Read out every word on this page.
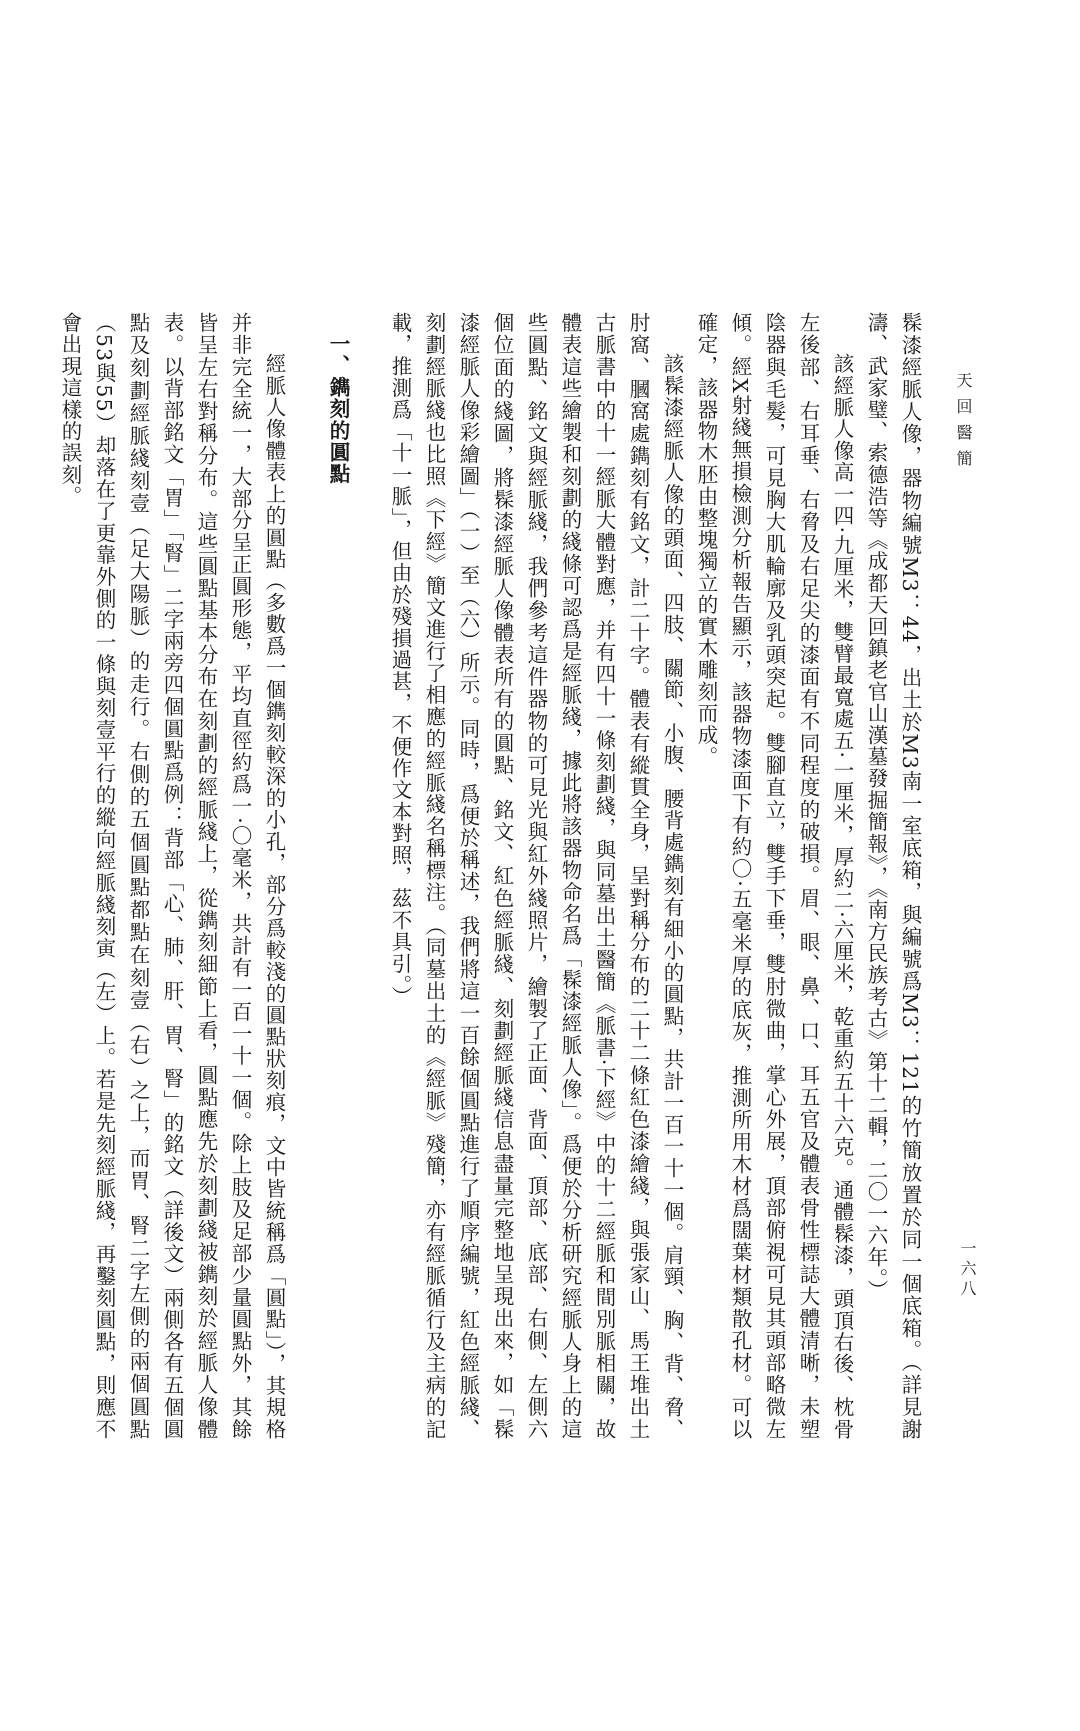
天回醫簡

髹漆經脈人像，器物編號M3：44，出土於M3南一室底箱，與編號爲M3：121的竹簡放置於同一個底箱。（詳見謝濤、武家璧、索德浩等《成都天回鎮老官山漢墓發掘簡報》，《南方民族考古》第十二輯，二〇一六年。）

該經脈人像高一四·九厘米，雙臂最寬處五·一厘米，厚約二·六厘米，乾重約五十六克。通體髹漆，頭頂右後、枕骨左後部、右耳垂、右脅及右足尖的漆面有不同程度的破損。眉、眼、鼻、口、耳五官及體表骨性標誌大體清晰，未塑陰器與毛髮，可見胸大肌輪廓及乳頭突起。雙腳直立，雙手下垂，雙肘微曲，掌心外展，頂部俯視可見其頭部略微左傾。經X射綫無損檢測分析報告顯示，該器物漆面下有約〇·五毫米厚的底灰，推測所用木材爲闊葉材類散孔材。可以確定，該器物木胚由整塊獨立的實木雕刻而成。

該髹漆經脈人像的頭面、四肢、關節、小腹、腰背處鐫刻有細小的圓點，共計一百一十一個。肩頸、胸、背、脅、肘窩、膕窩處鐫刻有銘文，計二十字。體表有縱貫全身，呈對稱分布的二十二條紅色漆繪綫，與張家山、馬王堆出土古脈書中的十一經脈大體對應，并有四十一條刻劃綫，與同墓出土醫簡《脈書·下經》中的十二經脈和間別脈相關，故體表這些繪製和刻劃的綫條可認爲是經脈綫，據此將該器物命名爲「髹漆經脈人像」。爲便於分析研究經脈人身上的這些圓點、銘文與經脈綫，我們參考這件器物的可見光與紅外綫照片，繪製了正面、背面、頂部、底部、右側、左側六個位面的綫圖，將髹漆經脈人像體表所有的圓點、銘文、紅色經脈綫、刻劃經脈綫信息盡量完整地呈現出來，如「髹漆經脈人像彩繪圖」（一）至（六）所示。同時，爲便於稱述，我們將這一百餘個圓點進行了順序編號，紅色經脈綫、刻劃經脈綫也比照《下經》簡文進行了相應的經脈綫名稱標注。（同墓出土的《經脈》殘簡，亦有經脈循行及主病的記載，推測爲「十一脈」，但由於殘損過甚，不便作文本對照，茲不具引。）

一、鐫刻的圓點

經脈人像體表上的圓點（多數爲一個鐫刻較深的小孔，部分爲較淺的圓點狀刻痕，文中皆統稱爲「圓點」），其規格并非完全統一，大部分呈正圓形態，平均直徑約爲一·〇毫米，共計有一百一十一個。除上肢及足部少量圓點外，其餘皆呈左右對稱分布。這些圓點基本分布在刻劃的經脈綫上，從鐫刻細節上看，圓點應先於刻劃綫被鐫刻於經脈人像體表。以背部銘文「胃」「腎」二字兩旁四個圓點爲例：背部「心、肺、肝、胃、腎」的銘文（詳後文）兩側各有五個圓點及刻劃經脈綫刻壹（足大陽脈）的走行。右側的五個圓點都點在刻壹（右）之上，而胃、腎二字左側的兩個圓點（53與55）却落在了更靠外側的一條與刻壹平行的縱向經脈綫刻寅（左）上。若是先刻經脈綫，再鑿刻圓點，則應不會出現這樣的誤刻。

一六八
